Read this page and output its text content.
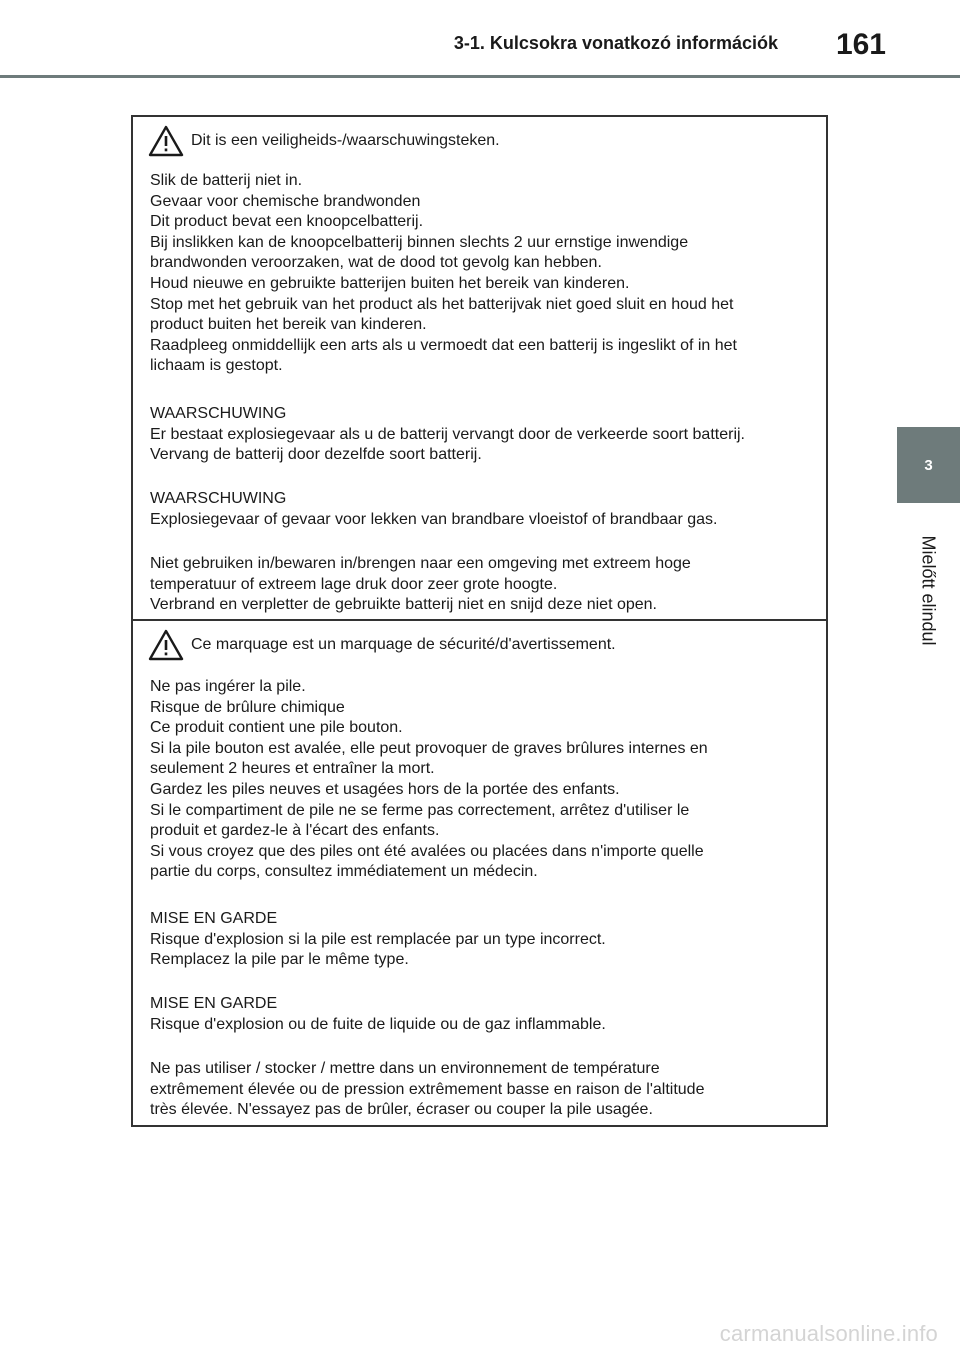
3-1. Kulcsokra vonatkozó információk 161
3
Mielőtt elindul
Dit is een veiligheids-/waarschuwingsteken.
Slik de batterij niet in.
Gevaar voor chemische brandwonden
Dit product bevat een knoopcelbatterij.
Bij inslikken kan de knoopcelbatterij binnen slechts 2 uur ernstige inwendige
brandwonden veroorzaken, wat de dood tot gevolg kan hebben.
Houd nieuwe en gebruikte batterijen buiten het bereik van kinderen.
Stop met het gebruik van het product als het batterijvak niet goed sluit en houd het
product buiten het bereik van kinderen.
Raadpleeg onmiddellijk een arts als u vermoedt dat een batterij is ingeslikt of in het
lichaam is gestopt.
WAARSCHUWING
Er bestaat explosiegevaar als u de batterij vervangt door de verkeerde soort batterij.
Vervang de batterij door dezelfde soort batterij.
WAARSCHUWING
Explosiegevaar of gevaar voor lekken van brandbare vloeistof of brandbaar gas.
Niet gebruiken in/bewaren in/brengen naar een omgeving met extreem hoge
temperatuur of extreem lage druk door zeer grote hoogte.
Verbrand en verpletter de gebruikte batterij niet en snijd deze niet open.
Ce marquage est un marquage de sécurité/d'avertissement.
Ne pas ingérer la pile.
Risque de brûlure chimique
Ce produit contient une pile bouton.
Si la pile bouton est avalée, elle peut provoquer de graves brûlures internes en
seulement 2 heures et entraîner la mort.
Gardez les piles neuves et usagées hors de la portée des enfants.
Si le compartiment de pile ne se ferme pas correctement, arrêtez d'utiliser le
produit et gardez-le à l'écart des enfants.
Si vous croyez que des piles ont été avalées ou placées dans n'importe quelle
partie du corps, consultez immédiatement un médecin.
MISE EN GARDE
Risque d'explosion si la pile est remplacée par un type incorrect.
Remplacez la pile par le même type.
MISE EN GARDE
Risque d'explosion ou de fuite de liquide ou de gaz inflammable.
Ne pas utiliser / stocker / mettre dans un environnement de température
extrêmement élevée ou de pression extrêmement basse en raison de l'altitude
très élevée. N'essayez pas de brûler, écraser ou couper la pile usagée.
carmanualsonline.info
